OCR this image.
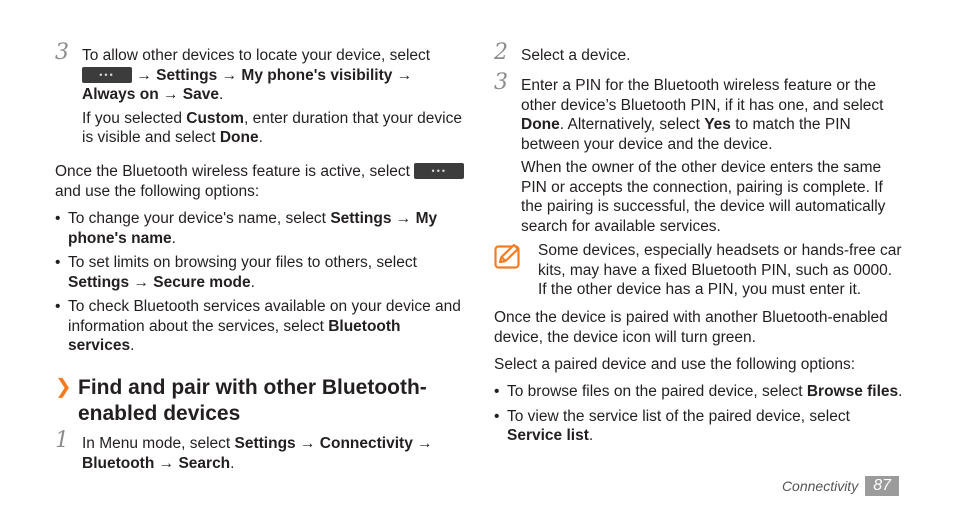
3 To allow other devices to locate your device, select

•••	→ Settings → My phone's visibility →
Always on → Save.
If you selected Custom, enter duration that your device is visible and select Done.
Once the Bluetooth wireless feature is active, select	•••

and use the following options:
• To change your device's name, select Settings → My phone's name.
• To set limits on browsing your files to others, select Settings → Secure mode.
• To check Bluetooth services available on your device and information about the services, select Bluetooth services.
❯ Find and pair with other Bluetooth-enabled devices
1 In Menu mode, select Settings → Connectivity →
Bluetooth → Search.
2 Select a device.
3 Enter a PIN for the Bluetooth wireless feature or the other device’s Bluetooth PIN, if it has one, and select Done. Alternatively, select Yes to match the PIN between your device and the device.
When the owner of the other device enters the same PIN or accepts the connection, pairing is complete. If the pairing is successful, the device will automatically search for available services.
Some devices, especially headsets or hands-free car kits, may have a fixed Bluetooth PIN, such as 0000. If the other device has a PIN, you must enter it.
Once the device is paired with another Bluetooth-enabled device, the device icon will turn green.
Select a paired device and use the following options:
• To browse files on the paired device, select Browse files.
• To view the service list of the paired device, select
Service list.
Connectivity 87
